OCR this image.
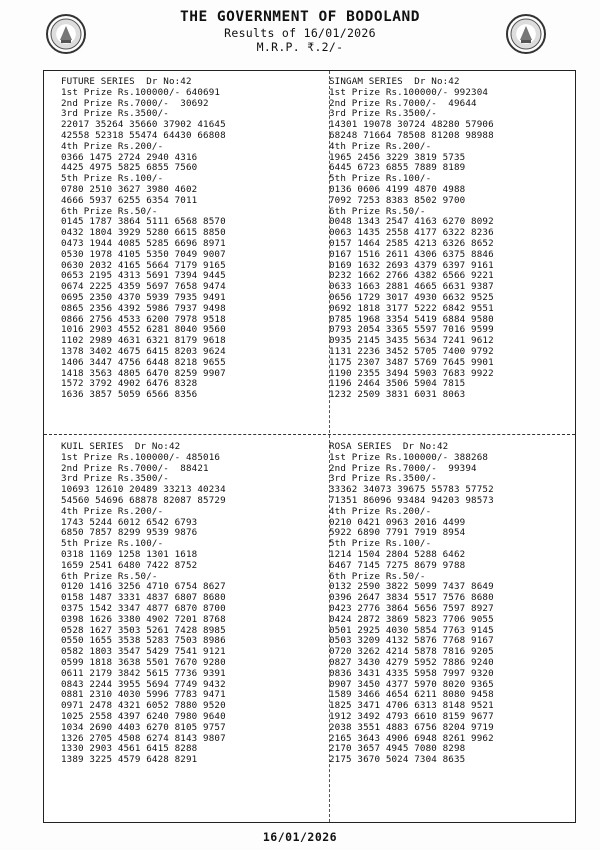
THE GOVERNMENT OF BODOLAND
Results of 16/01/2026
M.R.P. ₹.2/-
FUTURE SERIES  Dr No:42
1st Prize Rs.100000/- 640691
2nd Prize Rs.7000/-  30692
3rd Prize Rs.3500/-
22017 35264 35660 37902 41645
42558 52318 55474 64430 66808
4th Prize Rs.200/-
0366 1475 2724 2940 4316
4425 4975 5825 6855 7560
5th Prize Rs.100/-
0780 2510 3627 3980 4602
4666 5937 6255 6354 7011
6th Prize Rs.50/-
0145 1787 3864 5111 6568 8570
0432 1804 3929 5280 6615 8850
0473 1944 4085 5285 6696 8971
0530 1978 4105 5350 7049 9007
0630 2032 4165 5664 7179 9165
0653 2195 4313 5691 7394 9445
0674 2225 4359 5697 7658 9474
0695 2350 4370 5939 7935 9491
0865 2356 4392 5986 7937 9498
0866 2756 4533 6200 7978 9518
1016 2903 4552 6281 8040 9560
1102 2989 4631 6321 8179 9618
1378 3402 4675 6415 8203 9624
1406 3447 4756 6448 8218 9655
1418 3563 4805 6470 8259 9907
1572 3792 4902 6476 8328
1636 3857 5059 6566 8356
SINGAM SERIES  Dr No:42
1st Prize Rs.100000/- 992304
2nd Prize Rs.7000/-  49644
3rd Prize Rs.3500/-
14301 19078 30724 48280 57906
68248 71664 78508 81208 98988
4th Prize Rs.200/-
1965 2456 3229 3819 5735
6445 6723 6855 7889 8189
5th Prize Rs.100/-
0136 0606 4199 4870 4988
7092 7253 8383 8502 9700
6th Prize Rs.50/-
0048 1343 2547 4163 6270 8092
0063 1435 2558 4177 6322 8236
0157 1464 2585 4213 6326 8652
0167 1516 2611 4306 6375 8846
0169 1632 2693 4379 6397 9161
0232 1662 2766 4382 6566 9221
0633 1663 2881 4665 6631 9387
0656 1729 3017 4930 6632 9525
0692 1818 3177 5222 6842 9551
0785 1968 3354 5419 6884 9580
0793 2054 3365 5597 7016 9599
0935 2145 3435 5634 7241 9612
1131 2236 3452 5705 7400 9792
1175 2307 3487 5769 7645 9901
1190 2355 3494 5903 7683 9922
1196 2464 3506 5904 7815
1232 2509 3831 6031 8063
KUIL SERIES  Dr No:42
1st Prize Rs.100000/- 485016
2nd Prize Rs.7000/-  88421
3rd Prize Rs.3500/-
10693 12610 20489 33213 40234
54560 54696 68878 82087 85729
4th Prize Rs.200/-
1743 5244 6012 6542 6793
6850 7857 8299 9539 9876
5th Prize Rs.100/-
0318 1169 1258 1301 1618
1659 2541 6480 7422 8752
6th Prize Rs.50/-
0120 1416 3256 4710 6754 8627
0158 1487 3331 4837 6807 8680
0375 1542 3347 4877 6870 8700
0398 1626 3380 4902 7201 8768
0528 1627 3503 5261 7428 8985
0550 1655 3538 5283 7503 8986
0582 1803 3547 5429 7541 9121
0599 1818 3638 5501 7670 9280
0611 2179 3842 5615 7736 9391
0843 2244 3955 5694 7749 9432
0881 2310 4030 5996 7783 9471
0971 2478 4321 6052 7880 9520
1025 2558 4397 6240 7980 9640
1034 2690 4403 6270 8105 9757
1326 2705 4508 6274 8143 9807
1330 2903 4561 6415 8288
1389 3225 4579 6428 8291
ROSA SERIES  Dr No:42
1st Prize Rs.100000/- 388268
2nd Prize Rs.7000/-  99394
3rd Prize Rs.3500/-
33362 34073 39675 55783 57752
71351 86096 93484 94203 98573
4th Prize Rs.200/-
0210 0421 0963 2016 4499
5922 6890 7791 7919 8954
5th Prize Rs.100/-
1214 1504 2804 5288 6462
6467 7145 7275 8679 9788
6th Prize Rs.50/-
0132 2590 3822 5099 7437 8649
0396 2647 3834 5517 7576 8680
0423 2776 3864 5656 7597 8927
0424 2872 3869 5823 7706 9055
0501 2925 4030 5854 7763 9145
0503 3209 4132 5876 7768 9167
0720 3262 4214 5878 7816 9205
0827 3430 4279 5952 7886 9240
0836 3431 4335 5958 7997 9320
0907 3450 4377 5970 8020 9365
1589 3466 4654 6211 8080 9458
1825 3471 4706 6313 8148 9521
1912 3492 4793 6610 8159 9677
2038 3551 4883 6756 8204 9719
2165 3643 4906 6948 8261 9962
2170 3657 4945 7080 8298
2175 3670 5024 7304 8635
16/01/2026
